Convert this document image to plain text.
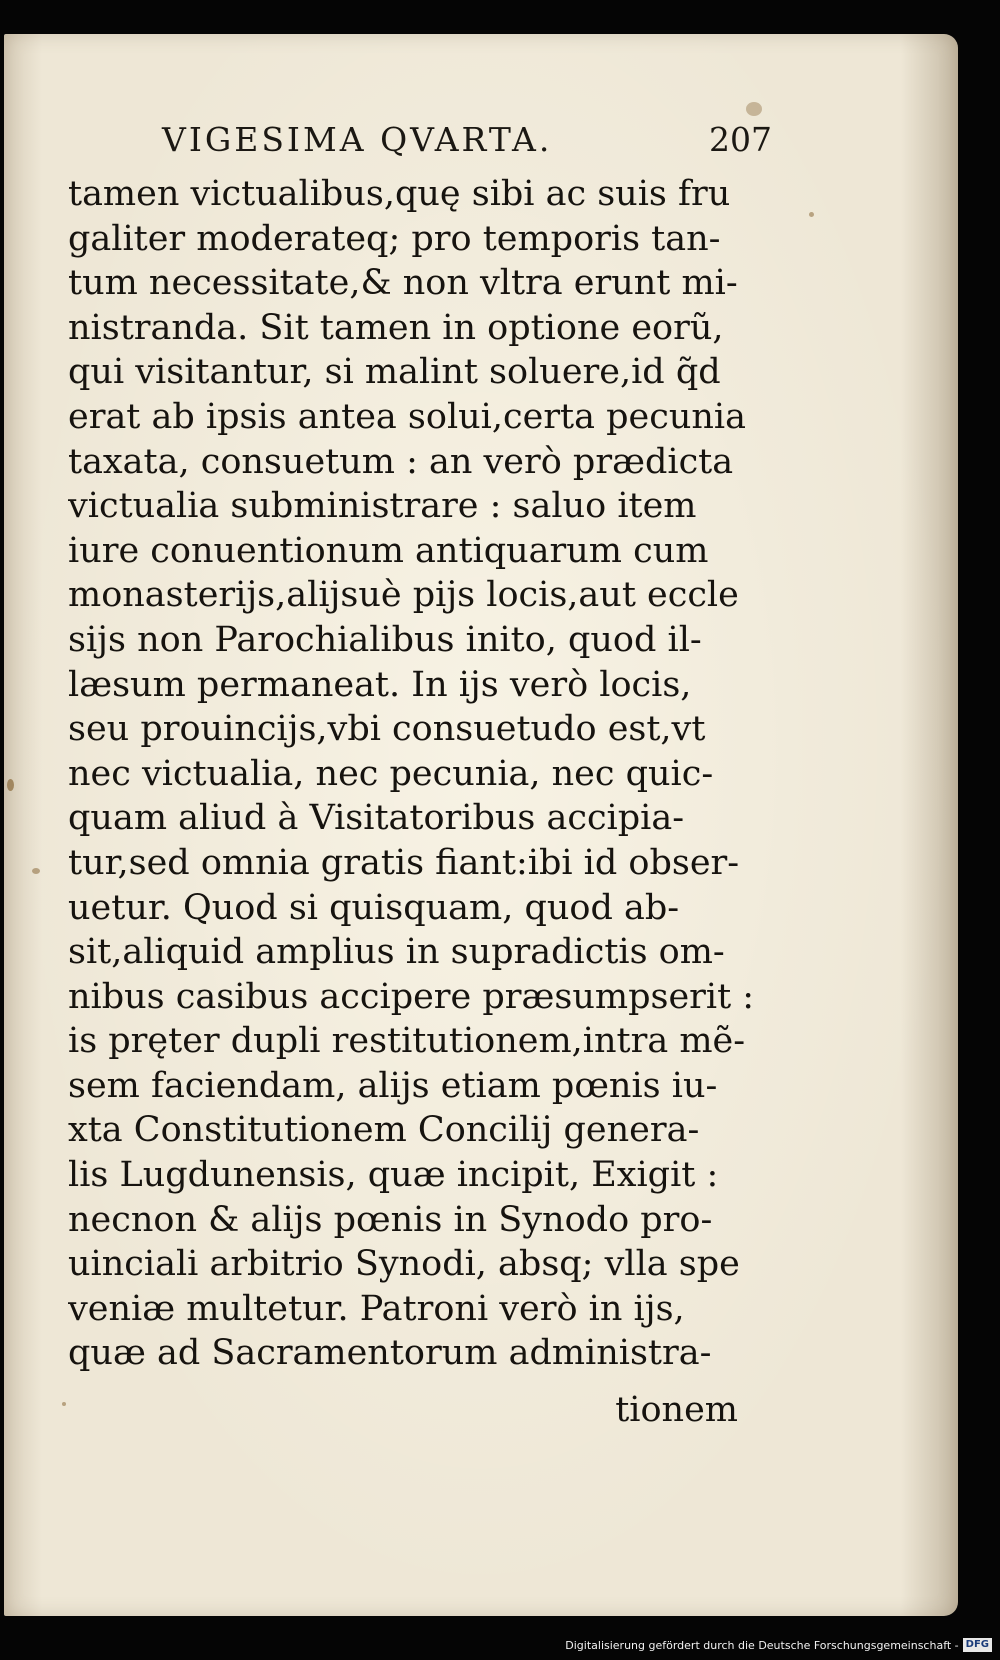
VIGESIMA QVARTA.	207
tamen victualibus,quę sibi ac suis fru
galiter moderateq; pro temporis tan-
tum necessitate,& non vltra erunt mi-
nistranda. Sit tamen in optione eorũ,
qui visitantur, si malint soluere,id q̃d
erat ab ipsis antea solui,certa pecunia
taxata, consuetum : an verò prædicta
victualia subministrare : saluo item
iure conuentionum antiquarum cum
monasterijs,alijsuè pijs locis,aut eccle
sijs non Parochialibus inito, quod il-
læsum permaneat. In ijs verò locis,
seu prouincijs,vbi consuetudo est,vt
nec victualia, nec pecunia, nec quic-
quam aliud à Visitatoribus accipia-
tur,sed omnia gratis fiant:ibi id obser-
uetur. Quod si quisquam, quod ab-
sit,aliquid amplius in supradictis om-
nibus casibus accipere præsumpserit :
is pręter dupli restitutionem,intra mẽ-
sem faciendam, alijs etiam pœnis iu-
xta Constitutionem Concilij genera-
lis Lugdunensis, quæ incipit, Exigit :
necnon & alijs pœnis in Synodo pro-
uinciali arbitrio Synodi, absq; vlla spe
veniæ multetur. Patroni verò in ijs,
quæ ad Sacramentorum administra-
tionem
Digitalisierung gefördert durch die Deutsche Forschungsgemeinschaft - DFG
